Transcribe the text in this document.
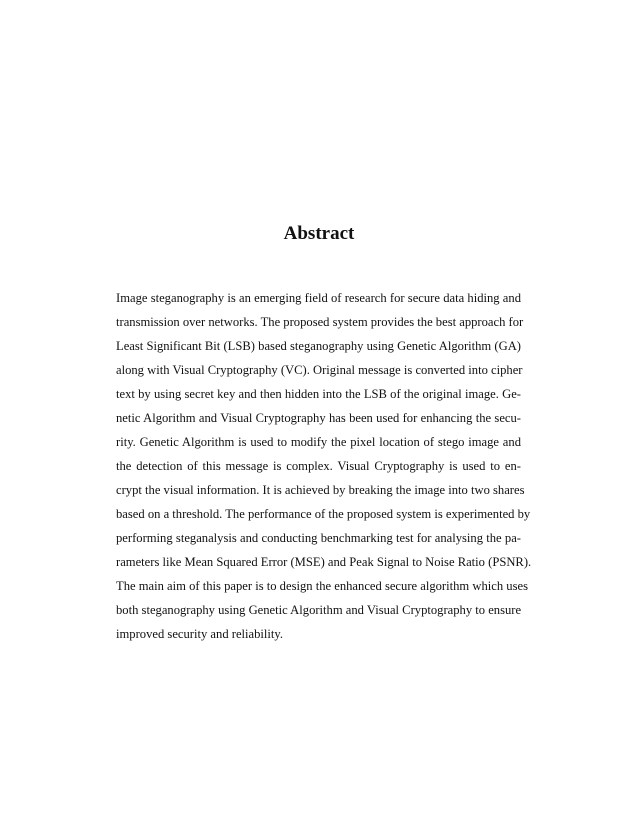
Abstract
Image steganography is an emerging field of research for secure data hiding and
transmission over networks. The proposed system provides the best approach for
Least Significant Bit (LSB) based steganography using Genetic Algorithm (GA)
along with Visual Cryptography (VC). Original message is converted into cipher
text by using secret key and then hidden into the LSB of the original image. Ge-
netic Algorithm and Visual Cryptography has been used for enhancing the secu-
rity. Genetic Algorithm is used to modify the pixel location of stego image and
the detection of this message is complex. Visual Cryptography is used to en-
crypt the visual information. It is achieved by breaking the image into two shares
based on a threshold. The performance of the proposed system is experimented by
performing steganalysis and conducting benchmarking test for analysing the pa-
rameters like Mean Squared Error (MSE) and Peak Signal to Noise Ratio (PSNR).
The main aim of this paper is to design the enhanced secure algorithm which uses
both steganography using Genetic Algorithm and Visual Cryptography to ensure
improved security and reliability.
